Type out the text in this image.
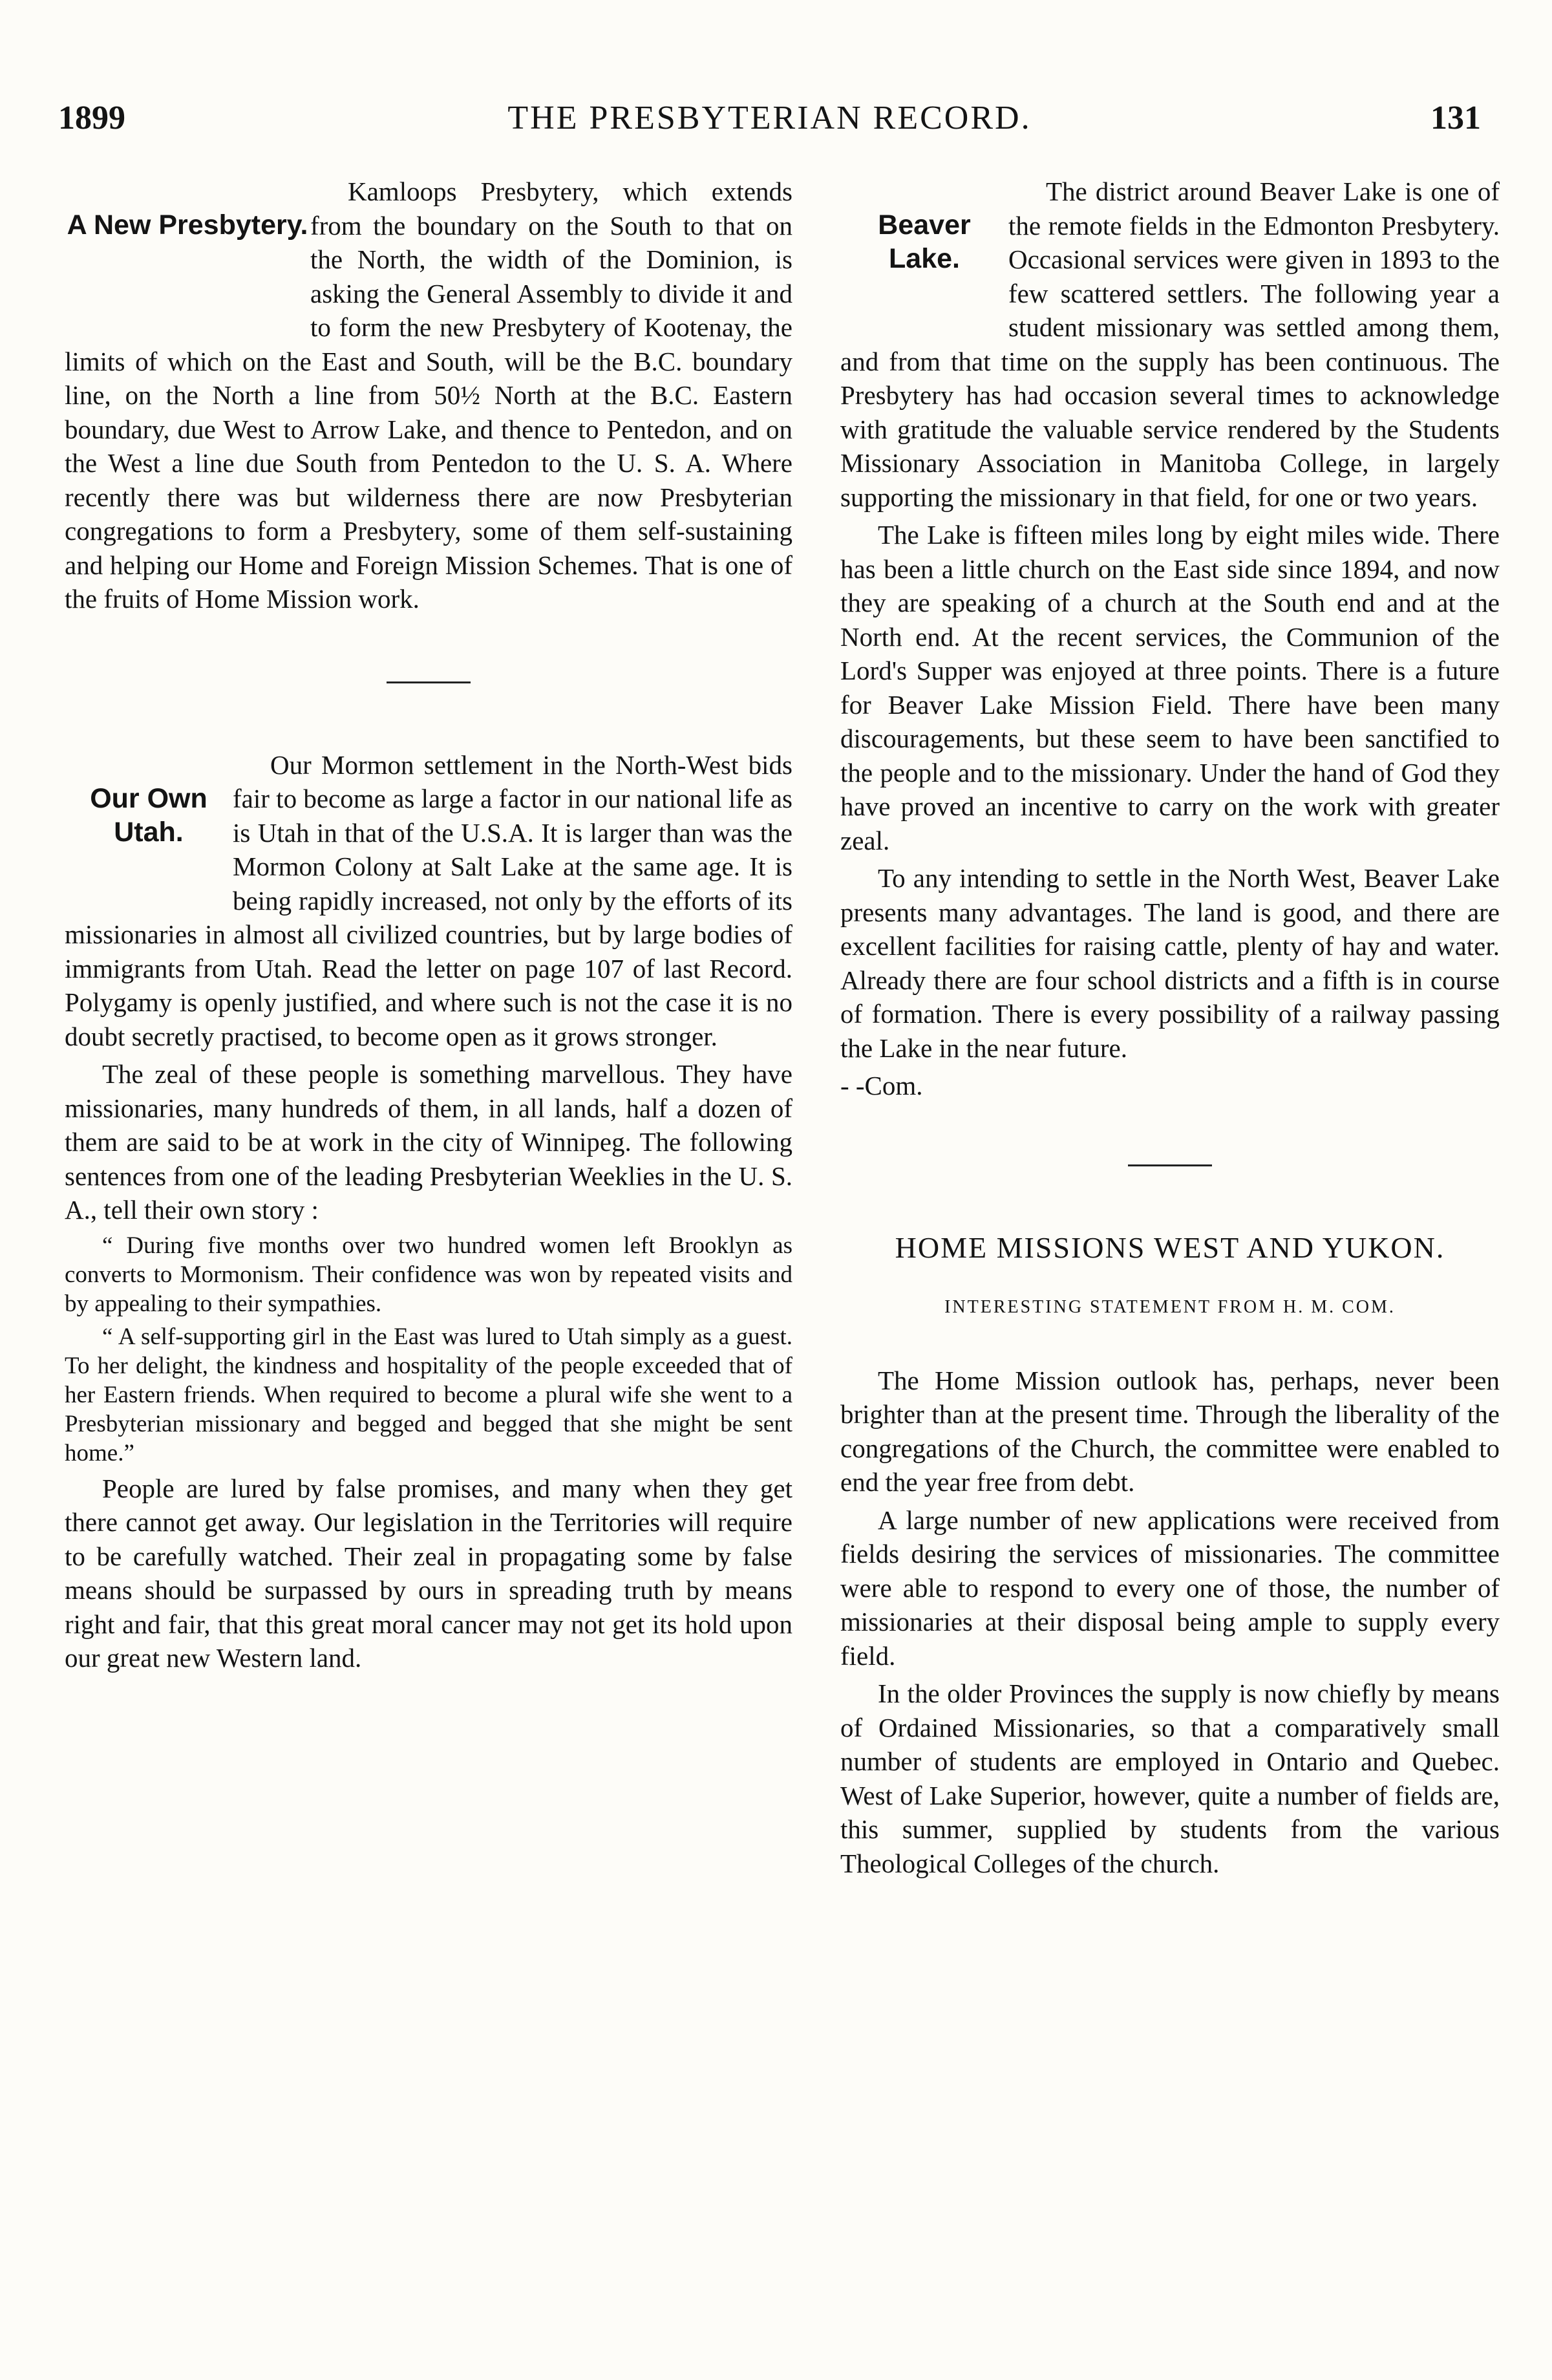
1899	THE PRESBYTERIAN RECORD.	131
A New Presbytery.

Kamloops Presbytery, which extends from the boundary on the South to that on the North, the width of the Dominion, is asking the General Assembly to divide it and to form the new Presbytery of Kootenay, the limits of which on the East and South, will be the B.C. boundary line, on the North a line from 50½ North at the B.C. Eastern boundary, due West to Arrow Lake, and thence to Pentedon, and on the West a line due South from Pentedon to the U. S. A. Where recently there was but wilderness there are now Presbyterian congregations to form a Presbytery, some of them self-sustaining and helping our Home and Foreign Mission Schemes. That is one of the fruits of Home Mission work.

Our Own Utah.

Our Mormon settlement in the North-West bids fair to become as large a factor in our national life as is Utah in that of the U.S.A. It is larger than was the Mormon Colony at Salt Lake at the same age. It is being rapidly increased, not only by the efforts of its missionaries in almost all civilized countries, but by large bodies of immigrants from Utah. Read the letter on page 107 of last Record. Polygamy is openly justified, and where such is not the case it is no doubt secretly practised, to become open as it grows stronger.

The zeal of these people is something marvellous. They have missionaries, many hundreds of them, in all lands, half a dozen of them are said to be at work in the city of Winnipeg. The following sentences from one of the leading Presbyterian Weeklies in the U. S. A., tell their own story :

“ During five months over two hundred women left Brooklyn as converts to Mormonism. Their confidence was won by repeated visits and by appealing to their sympathies.

“ A self-supporting girl in the East was lured to Utah simply as a guest. To her delight, the kindness and hospitality of the people exceeded that of her Eastern friends. When required to become a plural wife she went to a Presbyterian missionary and begged and begged that she might be sent home.”

People are lured by false promises, and many when they get there cannot get away. Our legislation in the Territories will require to be carefully watched. Their zeal in propagating some by false means should be surpassed by ours in spreading truth by means right and fair, that this great moral cancer may not get its hold upon our great new Western land.

Beaver Lake.

The district around Beaver Lake is one of the remote fields in the Edmonton Presbytery. Occasional services were given in 1893 to the few scattered settlers. The following year a student missionary was settled among them, and from that time on the supply has been continuous. The Presbytery has had occasion several times to acknowledge with gratitude the valuable service rendered by the Students Missionary Association in Manitoba College, in largely supporting the missionary in that field, for one or two years.

The Lake is fifteen miles long by eight miles wide. There has been a little church on the East side since 1894, and now they are speaking of a church at the South end and at the North end. At the recent services, the Communion of the Lord's Supper was enjoyed at three points. There is a future for Beaver Lake Mission Field. There have been many discouragements, but these seem to have been sanctified to the people and to the missionary. Under the hand of God they have proved an incentive to carry on the work with greater zeal.

To any intending to settle in the North West, Beaver Lake presents many advantages. The land is good, and there are excellent facilities for raising cattle, plenty of hay and water. Already there are four school districts and a fifth is in course of formation. There is every possibility of a railway passing the Lake in the near future.

- -Com.

HOME MISSIONS WEST AND YUKON.
INTERESTING STATEMENT FROM H. M. COM.

The Home Mission outlook has, perhaps, never been brighter than at the present time. Through the liberality of the congregations of the Church, the committee were enabled to end the year free from debt.

A large number of new applications were received from fields desiring the services of missionaries. The committee were able to respond to every one of those, the number of missionaries at their disposal being ample to supply every field.

In the older Provinces the supply is now chiefly by means of Ordained Missionaries, so that a comparatively small number of students are employed in Ontario and Quebec. West of Lake Superior, however, quite a number of fields are, this summer, supplied by students from the various Theological Colleges of the church.
